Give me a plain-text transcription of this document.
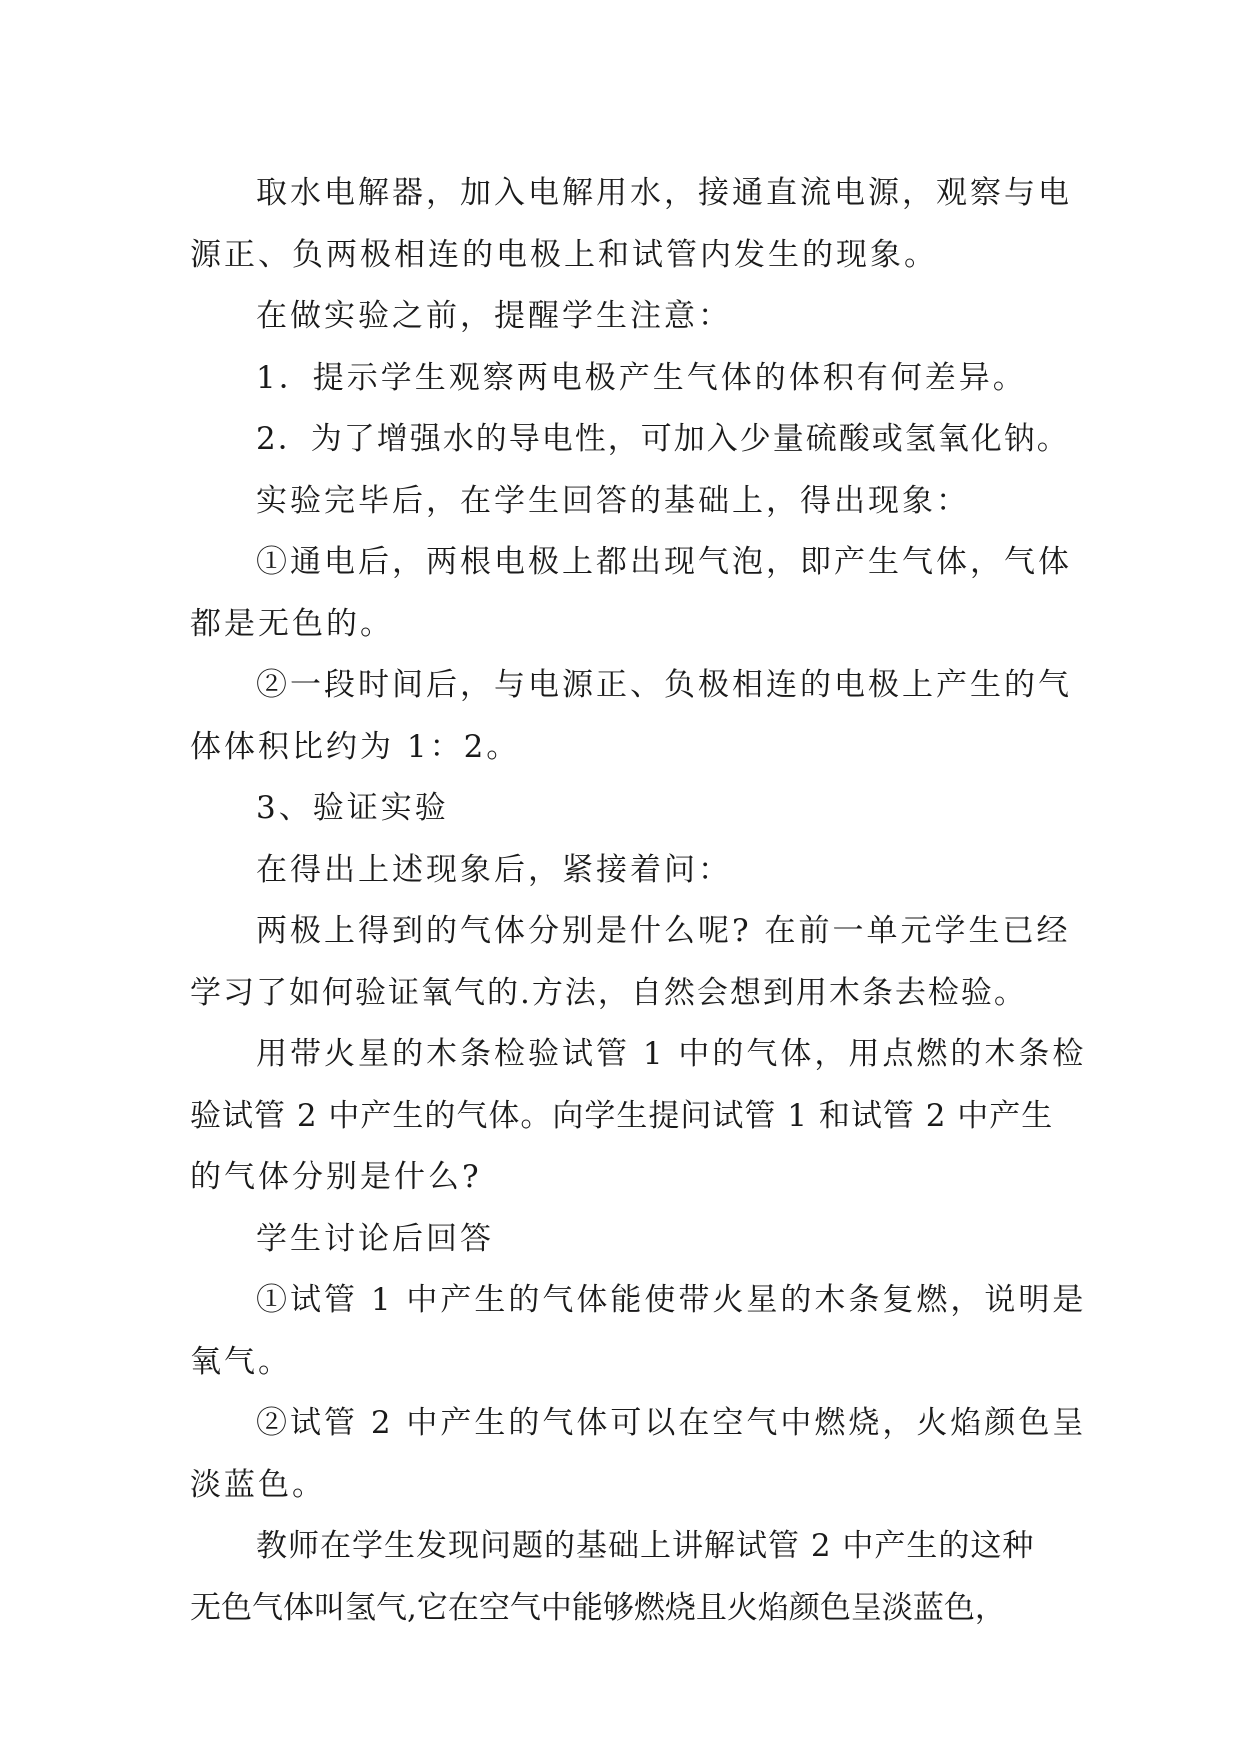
取水电解器，加入电解用水，接通直流电源，观察与电
源正、负两极相连的电极上和试管内发生的现象。
在做实验之前，提醒学生注意：
1．提示学生观察两电极产生气体的体积有何差异。
2．为了增强水的导电性，可加入少量硫酸或氢氧化钠。
实验完毕后，在学生回答的基础上，得出现象：
①通电后，两根电极上都出现气泡，即产生气体，气体
都是无色的。
②一段时间后，与电源正、负极相连的电极上产生的气
体体积比约为 1：2。
3、验证实验
在得出上述现象后，紧接着问：
两极上得到的气体分别是什么呢? 在前一单元学生已经
学习了如何验证氧气的.方法，自然会想到用木条去检验。
用带火星的木条检验试管 1 中的气体，用点燃的木条检
验试管 2 中产生的气体。向学生提问试管 1 和试管 2 中产生
的气体分别是什么?
学生讨论后回答
①试管 1 中产生的气体能使带火星的木条复燃，说明是
氧气。
②试管 2 中产生的气体可以在空气中燃烧，火焰颜色呈
淡蓝色。
教师在学生发现问题的基础上讲解试管 2 中产生的这种
无色气体叫氢气,它在空气中能够燃烧且火焰颜色呈淡蓝色，
